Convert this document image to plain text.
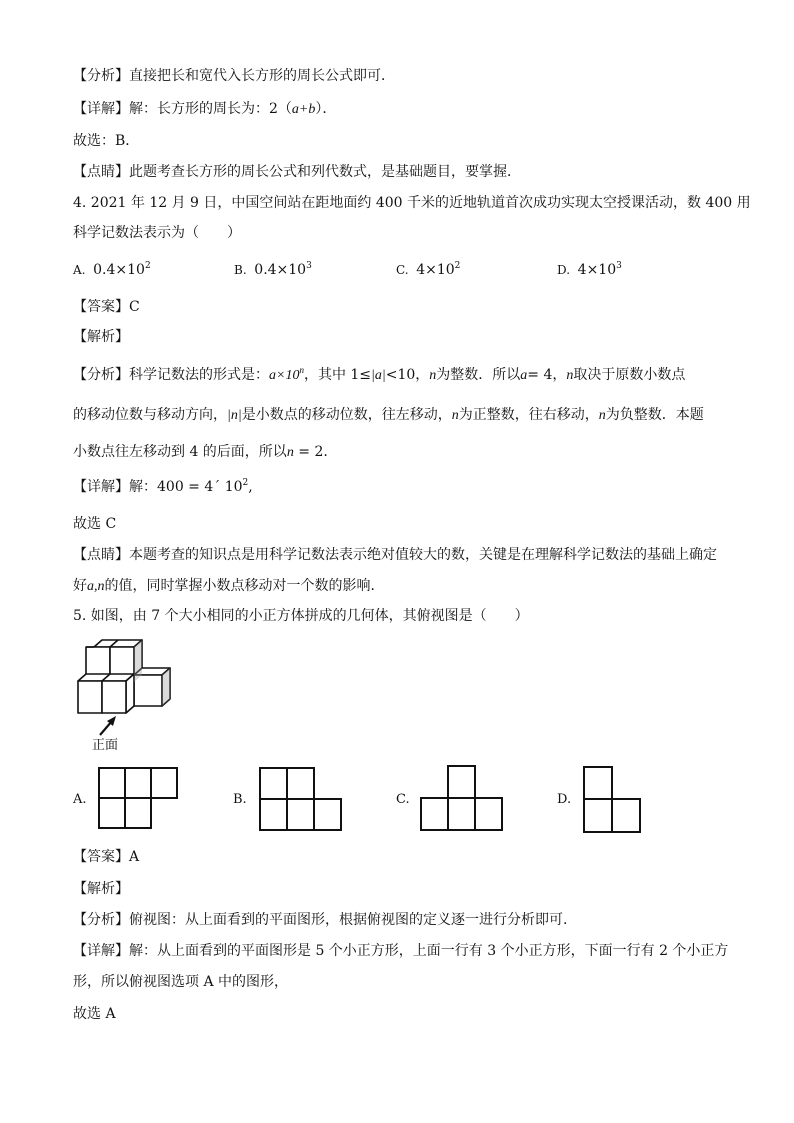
【分析】直接把长和宽代入长方形的周长公式即可．
【详解】解：长方形的周长为：2（a+b）．
故选：B．
【点睛】此题考查长方形的周长公式和列代数式，是基础题目，要掌握．
4. 2021 年 12 月 9 日，中国空间站在距地面约 400 千米的近地轨道首次成功实现太空授课活动，数 400 用
科学记数法表示为（　　）
A. $0.4\times 10^2$	B. $0.4\times 10^3$	C. $4\times 10^2$	D. $4\times 10^3$
【答案】C
【解析】
【分析】科学记数法的形式是：$a\times 10^n$，其中 1≤|a|<10，n为整数．所以a= 4，n取决于原数小数点
的移动位数与移动方向，|n|是小数点的移动位数，往左移动，n为正整数，往右移动，n为负整数．本题
小数点往左移动到 4 的后面，所以n = 2.
【详解】解：400 = 4´ $10^2$,
故选 C
【点睛】本题考查的知识点是用科学记数法表示绝对值较大的数，关键是在理解科学记数法的基础上确定
好a,n的值，同时掌握小数点移动对一个数的影响．
5. 如图，由 7 个大小相同的小正方体拼成的几何体，其俯视图是（　　）
正面
A.	B.	C.	D.
【答案】A
【解析】
【分析】俯视图：从上面看到的平面图形，根据俯视图的定义逐一进行分析即可.
【详解】解：从上面看到的平面图形是 5 个小正方形，上面一行有 3 个小正方形，下面一行有 2 个小正方
形，所以俯视图选项 A 中的图形，
故选 A
